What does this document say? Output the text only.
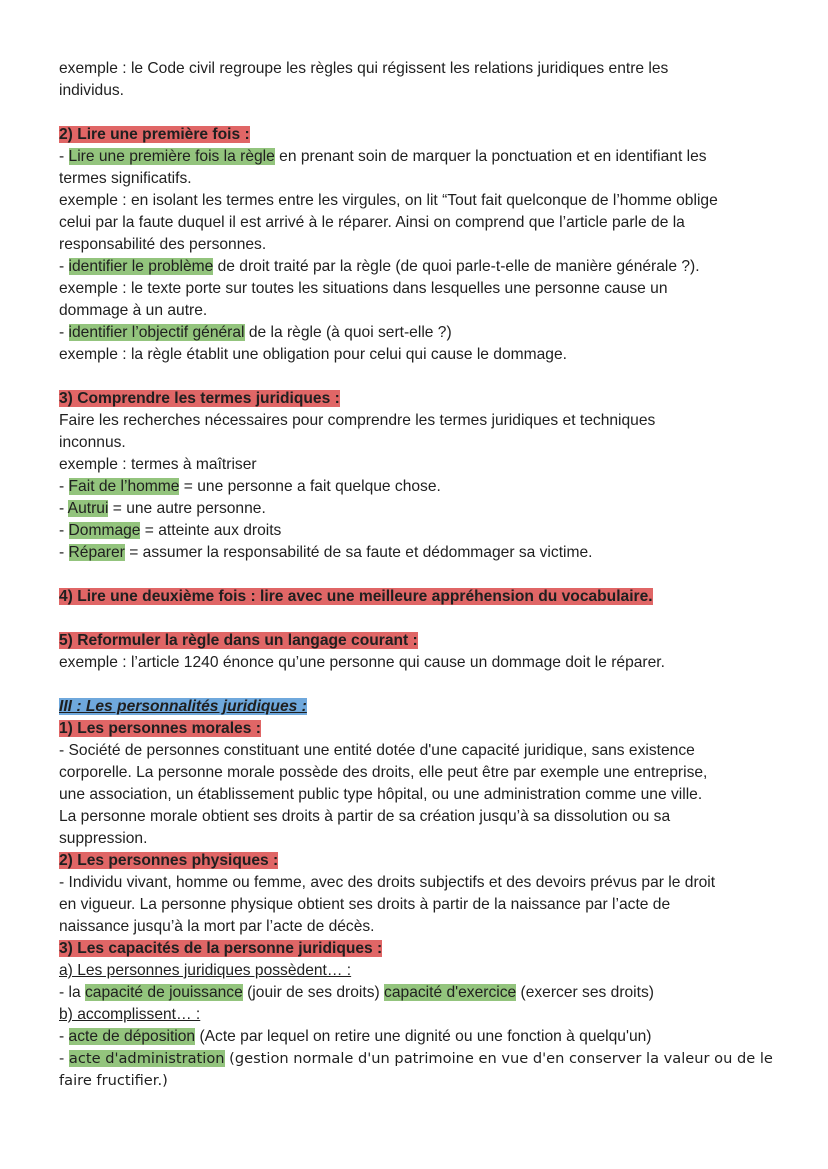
exemple : le Code civil regroupe les règles qui régissent les relations juridiques entre les
individus.
2) Lire une première fois :
- Lire une première fois la règle en prenant soin de marquer la ponctuation et en identifiant les
termes significatifs.
exemple : en isolant les termes entre les virgules, on lit “Tout fait quelconque de l’homme oblige
celui par la faute duquel il est arrivé à le réparer. Ainsi on comprend que l’article parle de la
responsabilité des personnes.
- identifier le problème de droit traité par la règle (de quoi parle-t-elle de manière générale ?).
exemple : le texte porte sur toutes les situations dans lesquelles une personne cause un
dommage à un autre.
- identifier l’objectif général de la règle (à quoi sert-elle ?)
exemple : la règle établit une obligation pour celui qui cause le dommage.
3) Comprendre les termes juridiques :
Faire les recherches nécessaires pour comprendre les termes juridiques et techniques
inconnus.
exemple : termes à maîtriser
- Fait de l’homme = une personne a fait quelque chose.
- Autrui = une autre personne.
- Dommage = atteinte aux droits
- Réparer = assumer la responsabilité de sa faute et dédommager sa victime.
4) Lire une deuxième fois : lire avec une meilleure appréhension du vocabulaire.
5) Reformuler la règle dans un langage courant :
exemple : l’article 1240 énonce qu’une personne qui cause un dommage doit le réparer.
III : Les personnalités juridiques :
1) Les personnes morales :
- Société de personnes constituant une entité dotée d'une capacité juridique, sans existence
corporelle. La personne morale possède des droits, elle peut être par exemple une entreprise,
une association, un établissement public type hôpital, ou une administration comme une ville.
La personne morale obtient ses droits à partir de sa création jusqu’à sa dissolution ou sa
suppression.
2) Les personnes physiques :
- Individu vivant, homme ou femme, avec des droits subjectifs et des devoirs prévus par le droit
en vigueur. La personne physique obtient ses droits à partir de la naissance par l’acte de
naissance jusqu’à la mort par l’acte de décès.
3) Les capacités de la personne juridiques :
a) Les personnes juridiques possèdent… :
- la capacité de jouissance (jouir de ses droits) capacité d'exercice (exercer ses droits)
b) accomplissent… :
- acte de déposition (Acte par lequel on retire une dignité ou une fonction à quelqu'un)
- acte d'administration (gestion normale d'un patrimoine en vue d'en conserver la valeur ou de le
faire fructifier.)
